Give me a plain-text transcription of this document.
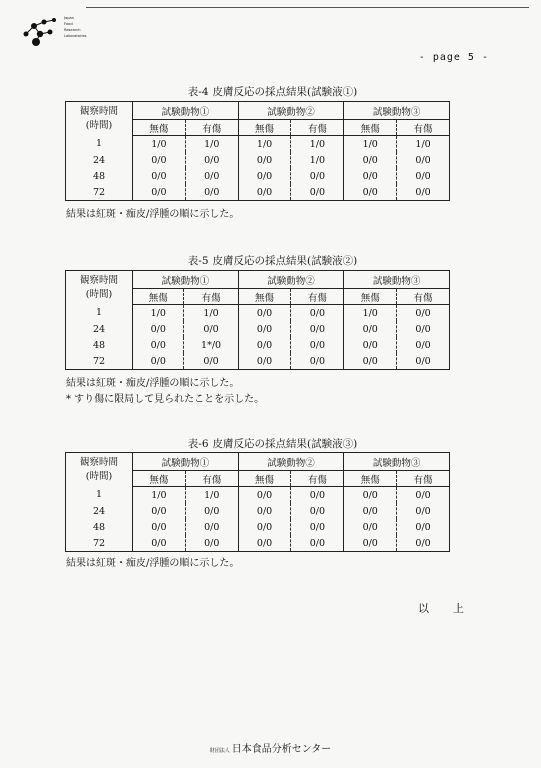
Japan
Food
Research
Laboratories
- page 5 -
表-4 皮膚反応の採点結果(試験液①)
観察時間
(時間)	試験動物①		試験動物②		試験動物③	
	無傷	有傷	無傷	有傷	無傷	有傷
1	1/0	1/0	1/0	1/0	1/0	1/0
24	0/0	0/0	0/0	1/0	0/0	0/0
48	0/0	0/0	0/0	0/0	0/0	0/0
72	0/0	0/0	0/0	0/0	0/0	0/0
結果は紅斑・痂皮/浮腫の順に示した。
表-5 皮膚反応の採点結果(試験液②)
観察時間
(時間)	試験動物①		試験動物②		試験動物③	
	無傷	有傷	無傷	有傷	無傷	有傷
1	1/0	1/0	0/0	0/0	1/0	0/0
24	0/0	0/0	0/0	0/0	0/0	0/0
48	0/0	1*/0	0/0	0/0	0/0	0/0
72	0/0	0/0	0/0	0/0	0/0	0/0
結果は紅斑・痂皮/浮腫の順に示した。
* すり傷に限局して見られたことを示した。
表-6 皮膚反応の採点結果(試験液③)
観察時間
(時間)	試験動物①		試験動物②		試験動物③	
	無傷	有傷	無傷	有傷	無傷	有傷
1	1/0	1/0	0/0	0/0	0/0	0/0
24	0/0	0/0	0/0	0/0	0/0	0/0
48	0/0	0/0	0/0	0/0	0/0	0/0
72	0/0	0/0	0/0	0/0	0/0	0/0
結果は紅斑・痂皮/浮腫の順に示した。
以上
財団法人 日本食品分析センター
